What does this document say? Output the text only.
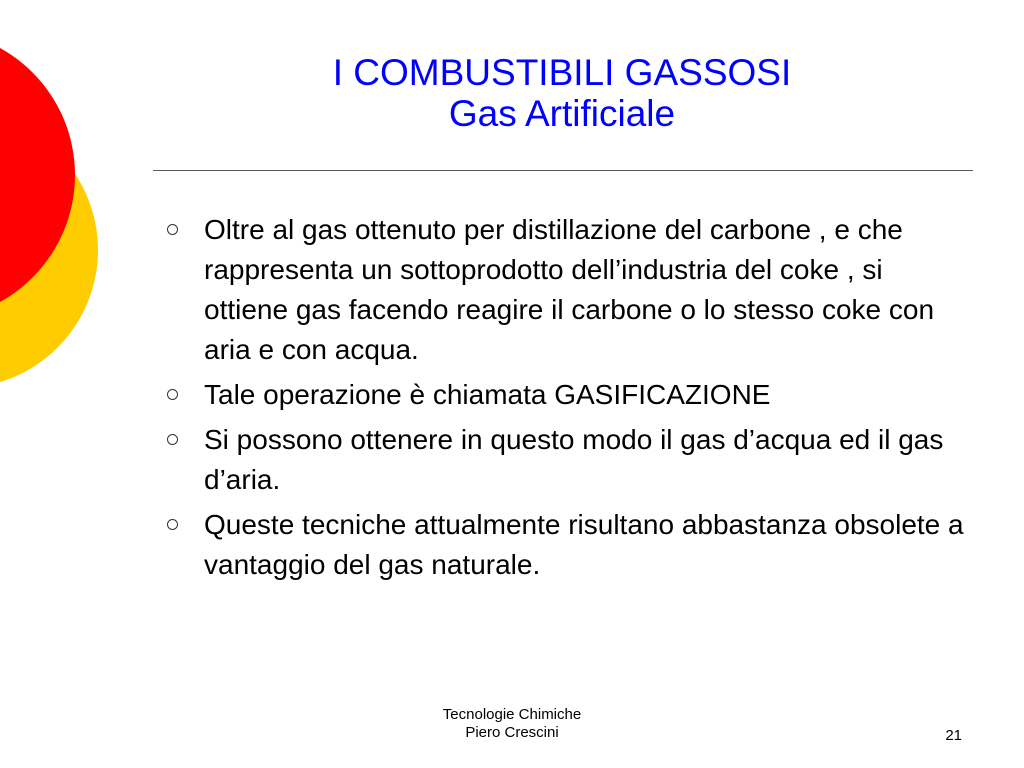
I COMBUSTIBILI GASSOSI
Gas Artificiale
Oltre al gas ottenuto per distillazione del carbone , e che rappresenta un sottoprodotto dell’industria del coke , si ottiene gas facendo reagire il carbone o lo stesso coke con aria e con acqua.
Tale operazione è chiamata GASIFICAZIONE
Si possono ottenere in questo modo il gas d’acqua ed il gas d’aria.
Queste tecniche attualmente risultano abbastanza obsolete a vantaggio del gas naturale.
Tecnologie Chimiche
Piero Crescini	21
